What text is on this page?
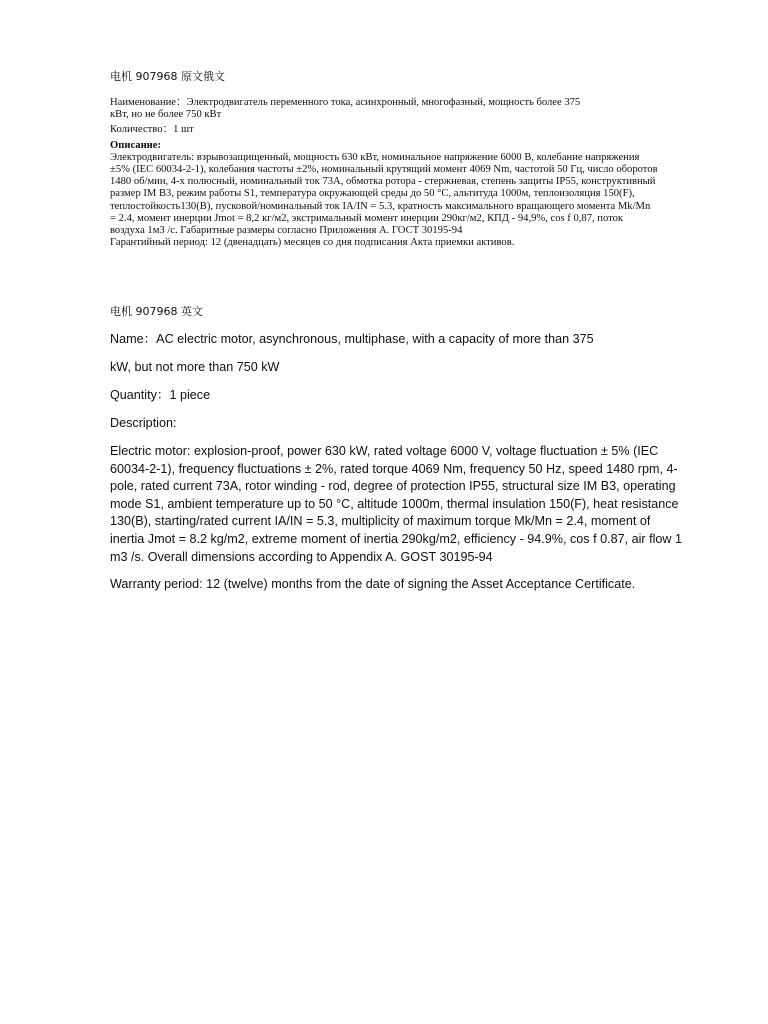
电机 907968 原文俄文

Наименование：Электродвигатель переменного тока, асинхронный, многофазный, мощность более 375

кВт, но не более 750 кВт

Количество：1 шт

Описание:

Электродвигатель: взрывозащищенный, мощность 630 кВт, номинальное напряжение 6000 В, колебание напряжения

±5% (IEC 60034-2-1), колебания частоты ±2%, номинальный крутящий момент 4069 Nm, частотой 50 Гц, число оборотов

1480 об/мин, 4-х полюсный, номинальный ток 73А, обмотка ротора - стержневая, степень защиты IP55, конструктивный

размер IM B3, режим работы S1, температура окружающей среды до 50 °С, альтитуда 1000м, теплоизоляция 150(F),

теплостойкость130(B), пусковой/номинальный ток IA/IN = 5.3, кратность максимального вращающего момента Mk/Mn

= 2.4, момент инерции Jmot = 8,2 кг/м2, экстримальный момент инерции 290кг/м2, КПД - 94,9%, cos f 0,87, поток

воздуха 1м3 /с. Габаритные размеры согласно Приложения А. ГОСТ 30195-94

Гарантийный период: 12 (двенадцать) месяцев со дня подписания Акта приемки активов.

电机 907968 英文

Name：AC electric motor, asynchronous, multiphase, with a capacity of more than 375

kW, but not more than 750 kW

Quantity：1 piece

Description:

Electric motor: explosion-proof, power 630 kW, rated voltage 6000 V, voltage fluctuation ± 5% (IEC
60034-2-1), frequency fluctuations ± 2%, rated torque 4069 Nm, frequency 50 Hz, speed 1480 rpm, 4-
pole, rated current 73A, rotor winding - rod, degree of protection IP55, structural size IM B3, operating
mode S1, ambient temperature up to 50 °C, altitude 1000m, thermal insulation 150(F), heat resistance
130(B), starting/rated current IA/IN = 5.3, multiplicity of maximum torque Mk/Mn = 2.4, moment of
inertia Jmot = 8.2 kg/m2, extreme moment of inertia 290kg/m2, efficiency - 94.9%, cos f 0.87, air flow 1
m3 /s. Overall dimensions according to Appendix A. GOST 30195-94

Warranty period: 12 (twelve) months from the date of signing the Asset Acceptance Certificate.
